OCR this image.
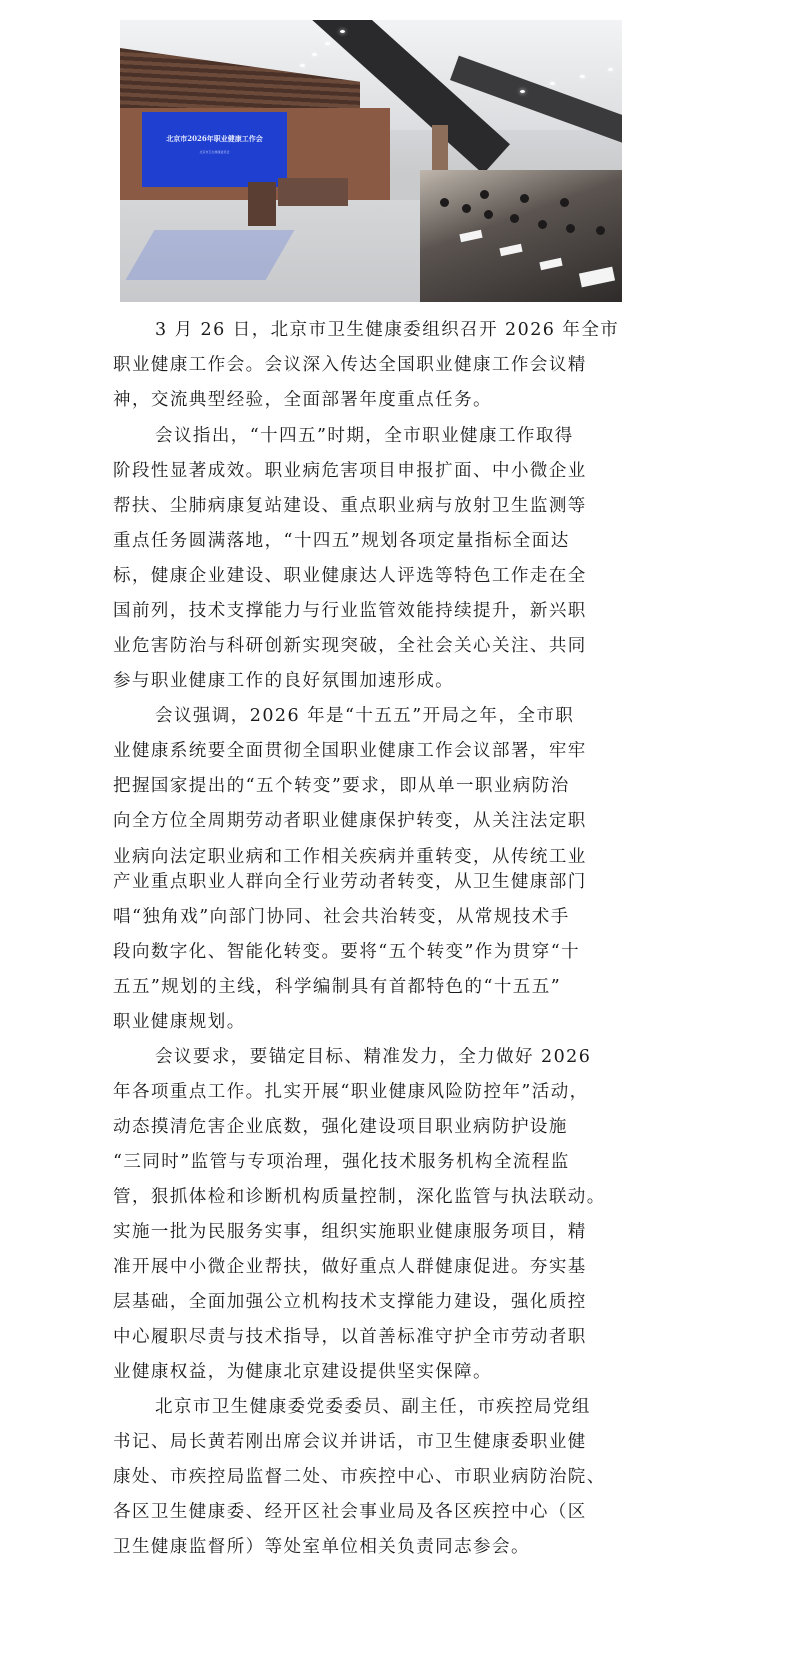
北京市2026年职业健康工作会
北京市卫生健康委员会
3 月 26 日，北京市卫生健康委组织召开 2026 年全市
职业健康工作会。会议深入传达全国职业健康工作会议精
神，交流典型经验，全面部署年度重点任务。
会议指出，“十四五”时期，全市职业健康工作取得
阶段性显著成效。职业病危害项目申报扩面、中小微企业
帮扶、尘肺病康复站建设、重点职业病与放射卫生监测等
重点任务圆满落地，“十四五”规划各项定量指标全面达
标，健康企业建设、职业健康达人评选等特色工作走在全
国前列，技术支撑能力与行业监管效能持续提升，新兴职
业危害防治与科研创新实现突破，全社会关心关注、共同
参与职业健康工作的良好氛围加速形成。
会议强调，2026 年是“十五五”开局之年，全市职
业健康系统要全面贯彻全国职业健康工作会议部署，牢牢
把握国家提出的“五个转变”要求，即从单一职业病防治
向全方位全周期劳动者职业健康保护转变，从关注法定职
业病向法定职业病和工作相关疾病并重转变，从传统工业
产业重点职业人群向全行业劳动者转变，从卫生健康部门
唱“独角戏”向部门协同、社会共治转变，从常规技术手
段向数字化、智能化转变。要将“五个转变”作为贯穿“十
五五”规划的主线，科学编制具有首都特色的“十五五”
职业健康规划。
会议要求，要锚定目标、精准发力，全力做好 2026
年各项重点工作。扎实开展“职业健康风险防控年”活动，
动态摸清危害企业底数，强化建设项目职业病防护设施
“三同时”监管与专项治理，强化技术服务机构全流程监
管，狠抓体检和诊断机构质量控制，深化监管与执法联动。
实施一批为民服务实事，组织实施职业健康服务项目，精
准开展中小微企业帮扶，做好重点人群健康促进。夯实基
层基础，全面加强公立机构技术支撑能力建设，强化质控
中心履职尽责与技术指导，以首善标准守护全市劳动者职
业健康权益，为健康北京建设提供坚实保障。
北京市卫生健康委党委委员、副主任，市疾控局党组
书记、局长黄若刚出席会议并讲话，市卫生健康委职业健
康处、市疾控局监督二处、市疾控中心、市职业病防治院、
各区卫生健康委、经开区社会事业局及各区疾控中心（区
卫生健康监督所）等处室单位相关负责同志参会。
